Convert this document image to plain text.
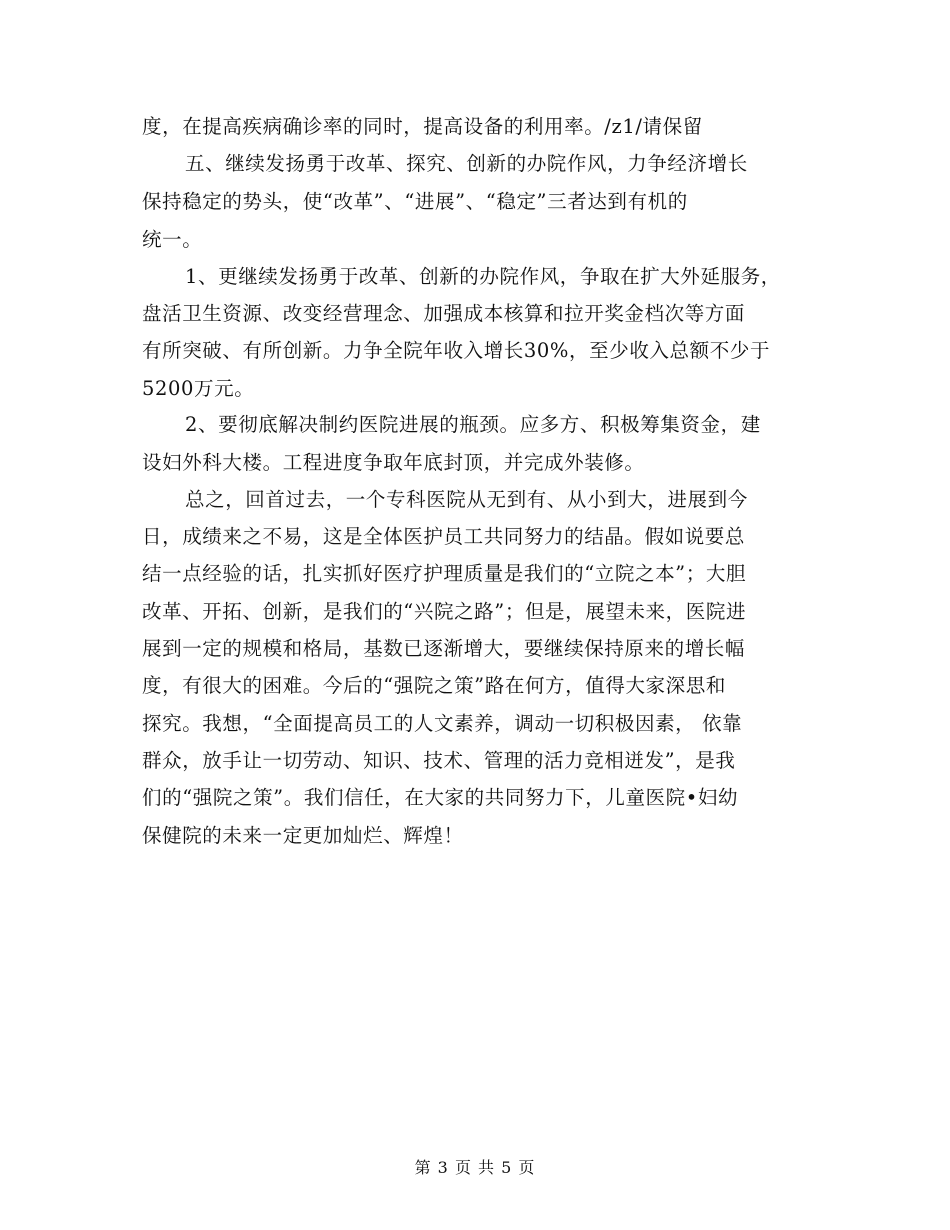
度，在提高疾病确诊率的同时，提高设备的利用率。/z1/请保留
五、继续发扬勇于改革、探究、创新的办院作风，力争经济增长
保持稳定的势头，使“改革”、“进展”、“稳定”三者达到有机的
统一。
1、更继续发扬勇于改革、创新的办院作风，争取在扩大外延服务，
盘活卫生资源、改变经营理念、加强成本核算和拉开奖金档次等方面
有所突破、有所创新。力争全院年收入增长30%，至少收入总额不少于
5200万元。
2、要彻底解决制约医院进展的瓶颈。应多方、积极筹集资金，建
设妇外科大楼。工程进度争取年底封顶，并完成外装修。
总之，回首过去，一个专科医院从无到有、从小到大，进展到今
日，成绩来之不易，这是全体医护员工共同努力的结晶。假如说要总
结一点经验的话，扎实抓好医疗护理质量是我们的“立院之本”；大胆
改革、开拓、创新，是我们的“兴院之路”；但是，展望未来，医院进
展到一定的规模和格局，基数已逐渐增大，要继续保持原来的增长幅
度，有很大的困难。今后的“强院之策”路在何方，值得大家深思和
探究。我想，“全面提高员工的人文素养，调动一切积极因素， 依靠
群众，放手让一切劳动、知识、技术、管理的活力竞相迸发”，是我
们的“强院之策”。我们信任，在大家的共同努力下，儿童医院•妇幼
保健院的未来一定更加灿烂、辉煌！
第 3 页 共 5 页
